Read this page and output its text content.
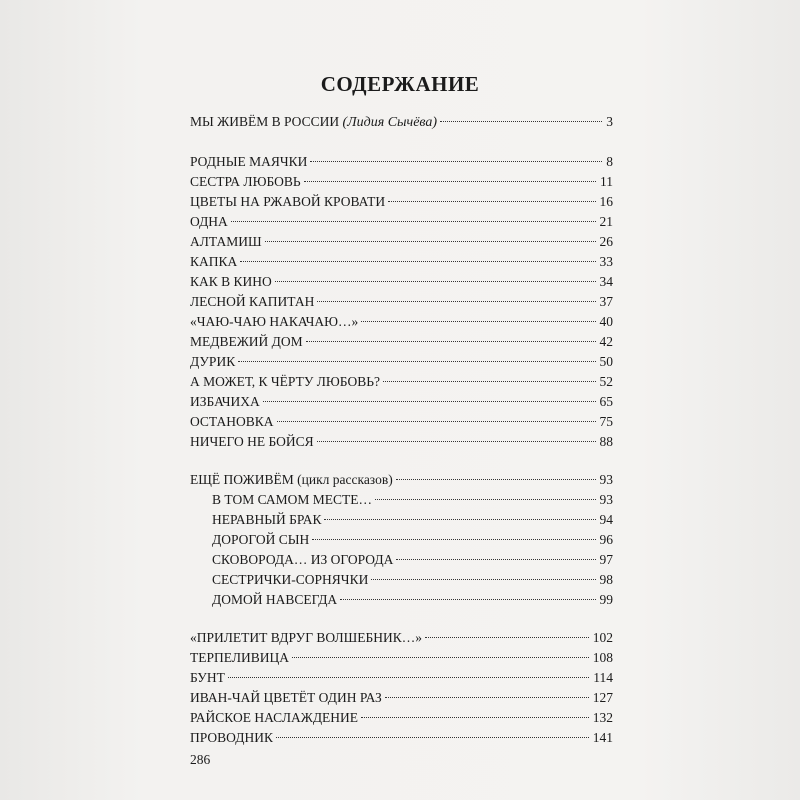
СОДЕРЖАНИЕ
МЫ ЖИВЁМ В РОССИИ (Лидия Сычёва)	3
РОДНЫЕ МАЯЧКИ	8
СЕСТРА ЛЮБОВЬ	11
ЦВЕТЫ НА РЖАВОЙ КРОВАТИ	16
ОДНА	21
АЛТАМИШ	26
КАПКА	33
КАК В КИНО	34
ЛЕСНОЙ КАПИТАН	37
«ЧАЮ-ЧАЮ НАКАЧАЮ…»	40
МЕДВЕЖИЙ ДОМ	42
ДУРИК	50
А МОЖЕТ, К ЧЁРТУ ЛЮБОВЬ?	52
ИЗБАЧИХА	65
ОСТАНОВКА	75
НИЧЕГО НЕ БОЙСЯ	88
ЕЩЁ ПОЖИВЁМ (цикл рассказов)	93
В ТОМ САМОМ МЕСТЕ…	93
НЕРАВНЫЙ БРАК	94
ДОРОГОЙ СЫН	96
СКОВОРОДА… ИЗ ОГОРОДА	97
СЕСТРИЧКИ-СОРНЯЧКИ	98
ДОМОЙ НАВСЕГДА	99
«ПРИЛЕТИТ ВДРУГ ВОЛШЕБНИК…»	102
ТЕРПЕЛИВИЦА	108
БУНТ	114
ИВАН-ЧАЙ ЦВЕТЁТ ОДИН РАЗ	127
РАЙСКОЕ НАСЛАЖДЕНИЕ	132
ПРОВОДНИК	141
286
